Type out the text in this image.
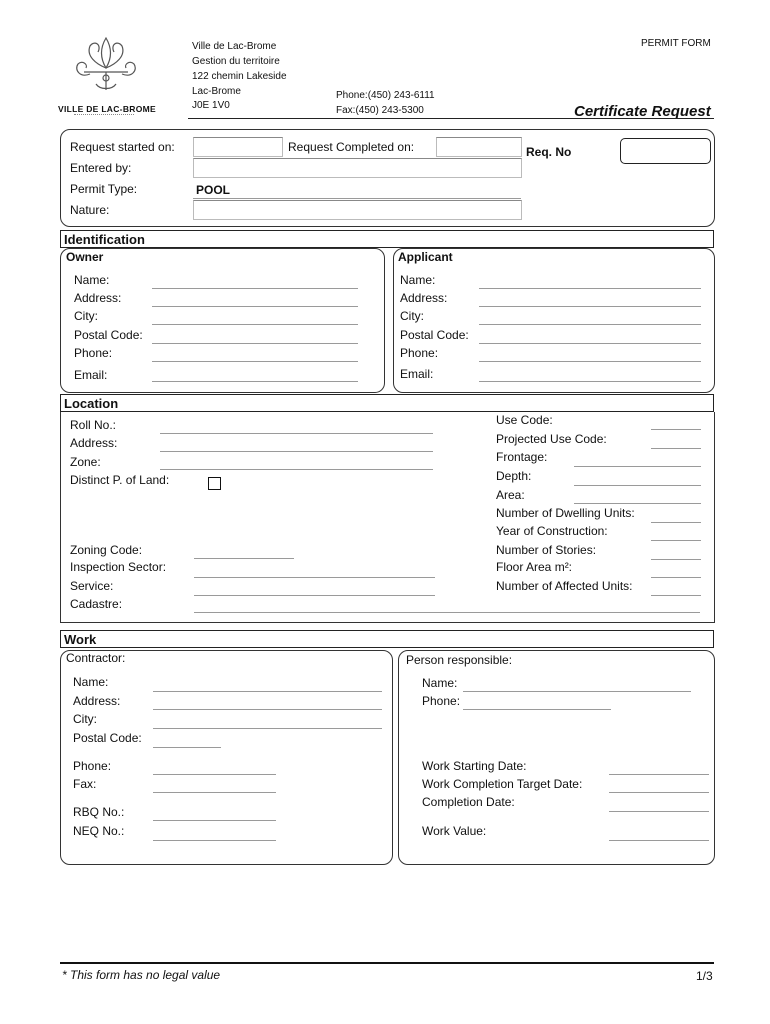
VILLE DE LAC-BROME
Ville de Lac-Brome
Gestion du territoire
122 chemin Lakeside
Lac-Brome
J0E 1V0
Phone:(450) 243-6111
Fax:(450) 243-5300
PERMIT FORM
Certificate Request
Request started on:	Request Completed on:	Req. No
Entered by:
Permit Type:	POOL
Nature:
Identification
Owner	Applicant
Name:
Address:
City:
Postal Code:
Phone:
Email:
Name:
Address:
City:
Postal Code:
Phone:
Email:
Location
Roll No.:
Address:
Zone:
Distinct P. of Land:
Zoning Code:
Inspection Sector:
Service:
Cadastre:
Use Code:
Projected Use Code:
Frontage:
Depth:
Area:
Number of Dwelling Units:
Year of Construction:
Number of Stories:
Floor Area m²:
Number of Affected Units:
Work
Contractor:	Person responsible:
Name:
Address:
City:
Postal Code:
Phone:
Fax:
RBQ No.:
NEQ No.:
Name:
Phone:
Work Starting Date:
Work Completion Target Date:
Completion Date:
Work Value:
* This form has no legal value	1/3
